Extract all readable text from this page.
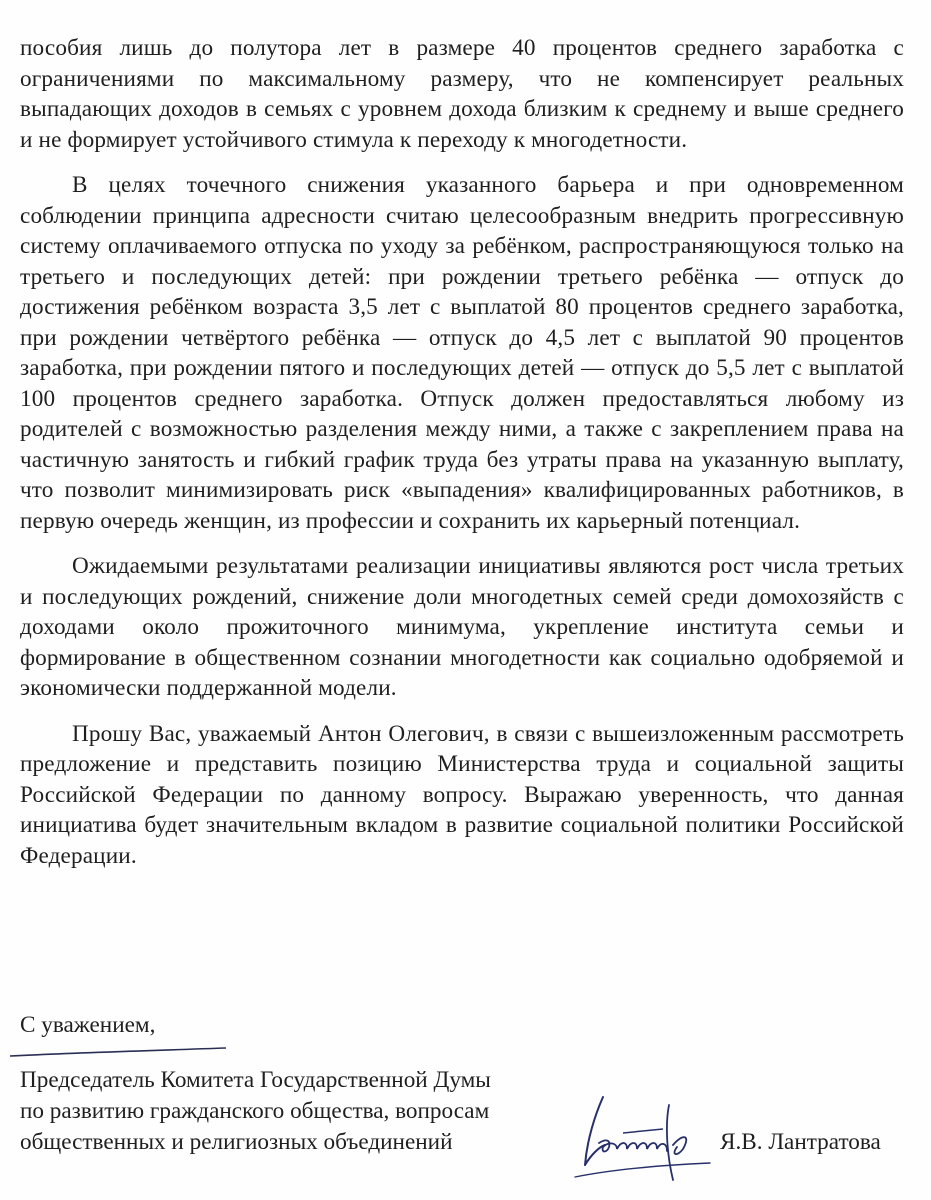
пособия лишь до полутора лет в размере 40 процентов среднего заработка с ограничениями по максимальному размеру, что не компенсирует реальных выпадающих доходов в семьях с уровнем дохода близким к среднему и выше среднего и не формирует устойчивого стимула к переходу к многодетности.

В целях точечного снижения указанного барьера и при одновременном соблюдении принципа адресности считаю целесообразным внедрить прогрессивную систему оплачиваемого отпуска по уходу за ребёнком, распространяющуюся только на третьего и последующих детей: при рождении третьего ребёнка — отпуск до достижения ребёнком возраста 3,5 лет с выплатой 80 процентов среднего заработка, при рождении четвёртого ребёнка — отпуск до 4,5 лет с выплатой 90 процентов заработка, при рождении пятого и последующих детей — отпуск до 5,5 лет с выплатой 100 процентов среднего заработка. Отпуск должен предоставляться любому из родителей с возможностью разделения между ними, а также с закреплением права на частичную занятость и гибкий график труда без утраты права на указанную выплату, что позволит минимизировать риск «выпадения» квалифицированных работников, в первую очередь женщин, из профессии и сохранить их карьерный потенциал.

Ожидаемыми результатами реализации инициативы являются рост числа третьих и последующих рождений, снижение доли многодетных семей среди домохозяйств с доходами около прожиточного минимума, укрепление института семьи и формирование в общественном сознании многодетности как социально одобряемой и экономически поддержанной модели.

Прошу Вас, уважаемый Антон Олегович, в связи с вышеизложенным рассмотреть предложение и представить позицию Министерства труда и социальной защиты Российской Федерации по данному вопросу. Выражаю уверенность, что данная инициатива будет значительным вкладом в развитие социальной политики Российской Федерации.

С уважением,
Председатель Комитета Государственной Думы
по развитию гражданского общества, вопросам
общественных и религиозных объединений	Я.В. Лантратова
